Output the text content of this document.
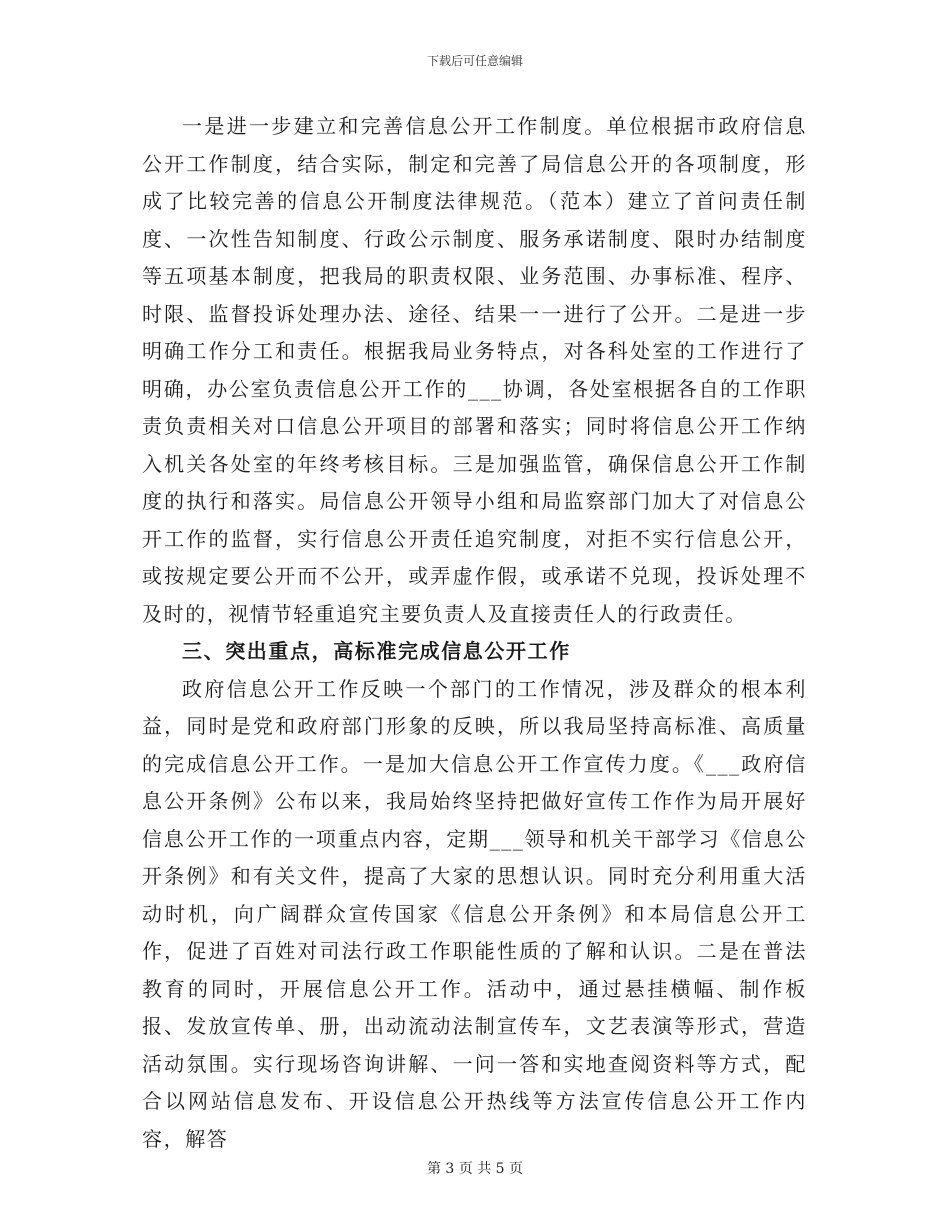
下载后可任意编辑

一是进一步建立和完善信息公开工作制度。单位根据市政府信息公开工作制度，结合实际，制定和完善了局信息公开的各项制度，形成了比较完善的信息公开制度法律规范。（范本）建立了首问责任制度、一次性告知制度、行政公示制度、服务承诺制度、限时办结制度等五项基本制度，把我局的职责权限、业务范围、办事标准、程序、时限、监督投诉处理办法、途径、结果一一进行了公开。二是进一步明确工作分工和责任。根据我局业务特点，对各科处室的工作进行了明确，办公室负责信息公开工作的___协调，各处室根据各自的工作职责负责相关对口信息公开项目的部署和落实；同时将信息公开工作纳入机关各处室的年终考核目标。三是加强监管，确保信息公开工作制度的执行和落实。局信息公开领导小组和局监察部门加大了对信息公开工作的监督，实行信息公开责任追究制度，对拒不实行信息公开，或按规定要公开而不公开，或弄虚作假，或承诺不兑现，投诉处理不及时的，视情节轻重追究主要负责人及直接责任人的行政责任。

三、突出重点，高标准完成信息公开工作

政府信息公开工作反映一个部门的工作情况，涉及群众的根本利益，同时是党和政府部门形象的反映，所以我局坚持高标准、高质量的完成信息公开工作。一是加大信息公开工作宣传力度。《___政府信息公开条例》公布以来，我局始终坚持把做好宣传工作作为局开展好信息公开工作的一项重点内容，定期___领导和机关干部学习《信息公开条例》和有关文件，提高了大家的思想认识。同时充分利用重大活动时机，向广阔群众宣传国家《信息公开条例》和本局信息公开工作，促进了百姓对司法行政工作职能性质的了解和认识。二是在普法教育的同时，开展信息公开工作。活动中，通过悬挂横幅、制作板报、发放宣传单、册，出动流动法制宣传车，文艺表演等形式，营造活动氛围。实行现场咨询讲解、一问一答和实地查阅资料等方式，配合以网站信息发布、开设信息公开热线等方法宣传信息公开工作内容，解答

第 3 页 共 5 页
